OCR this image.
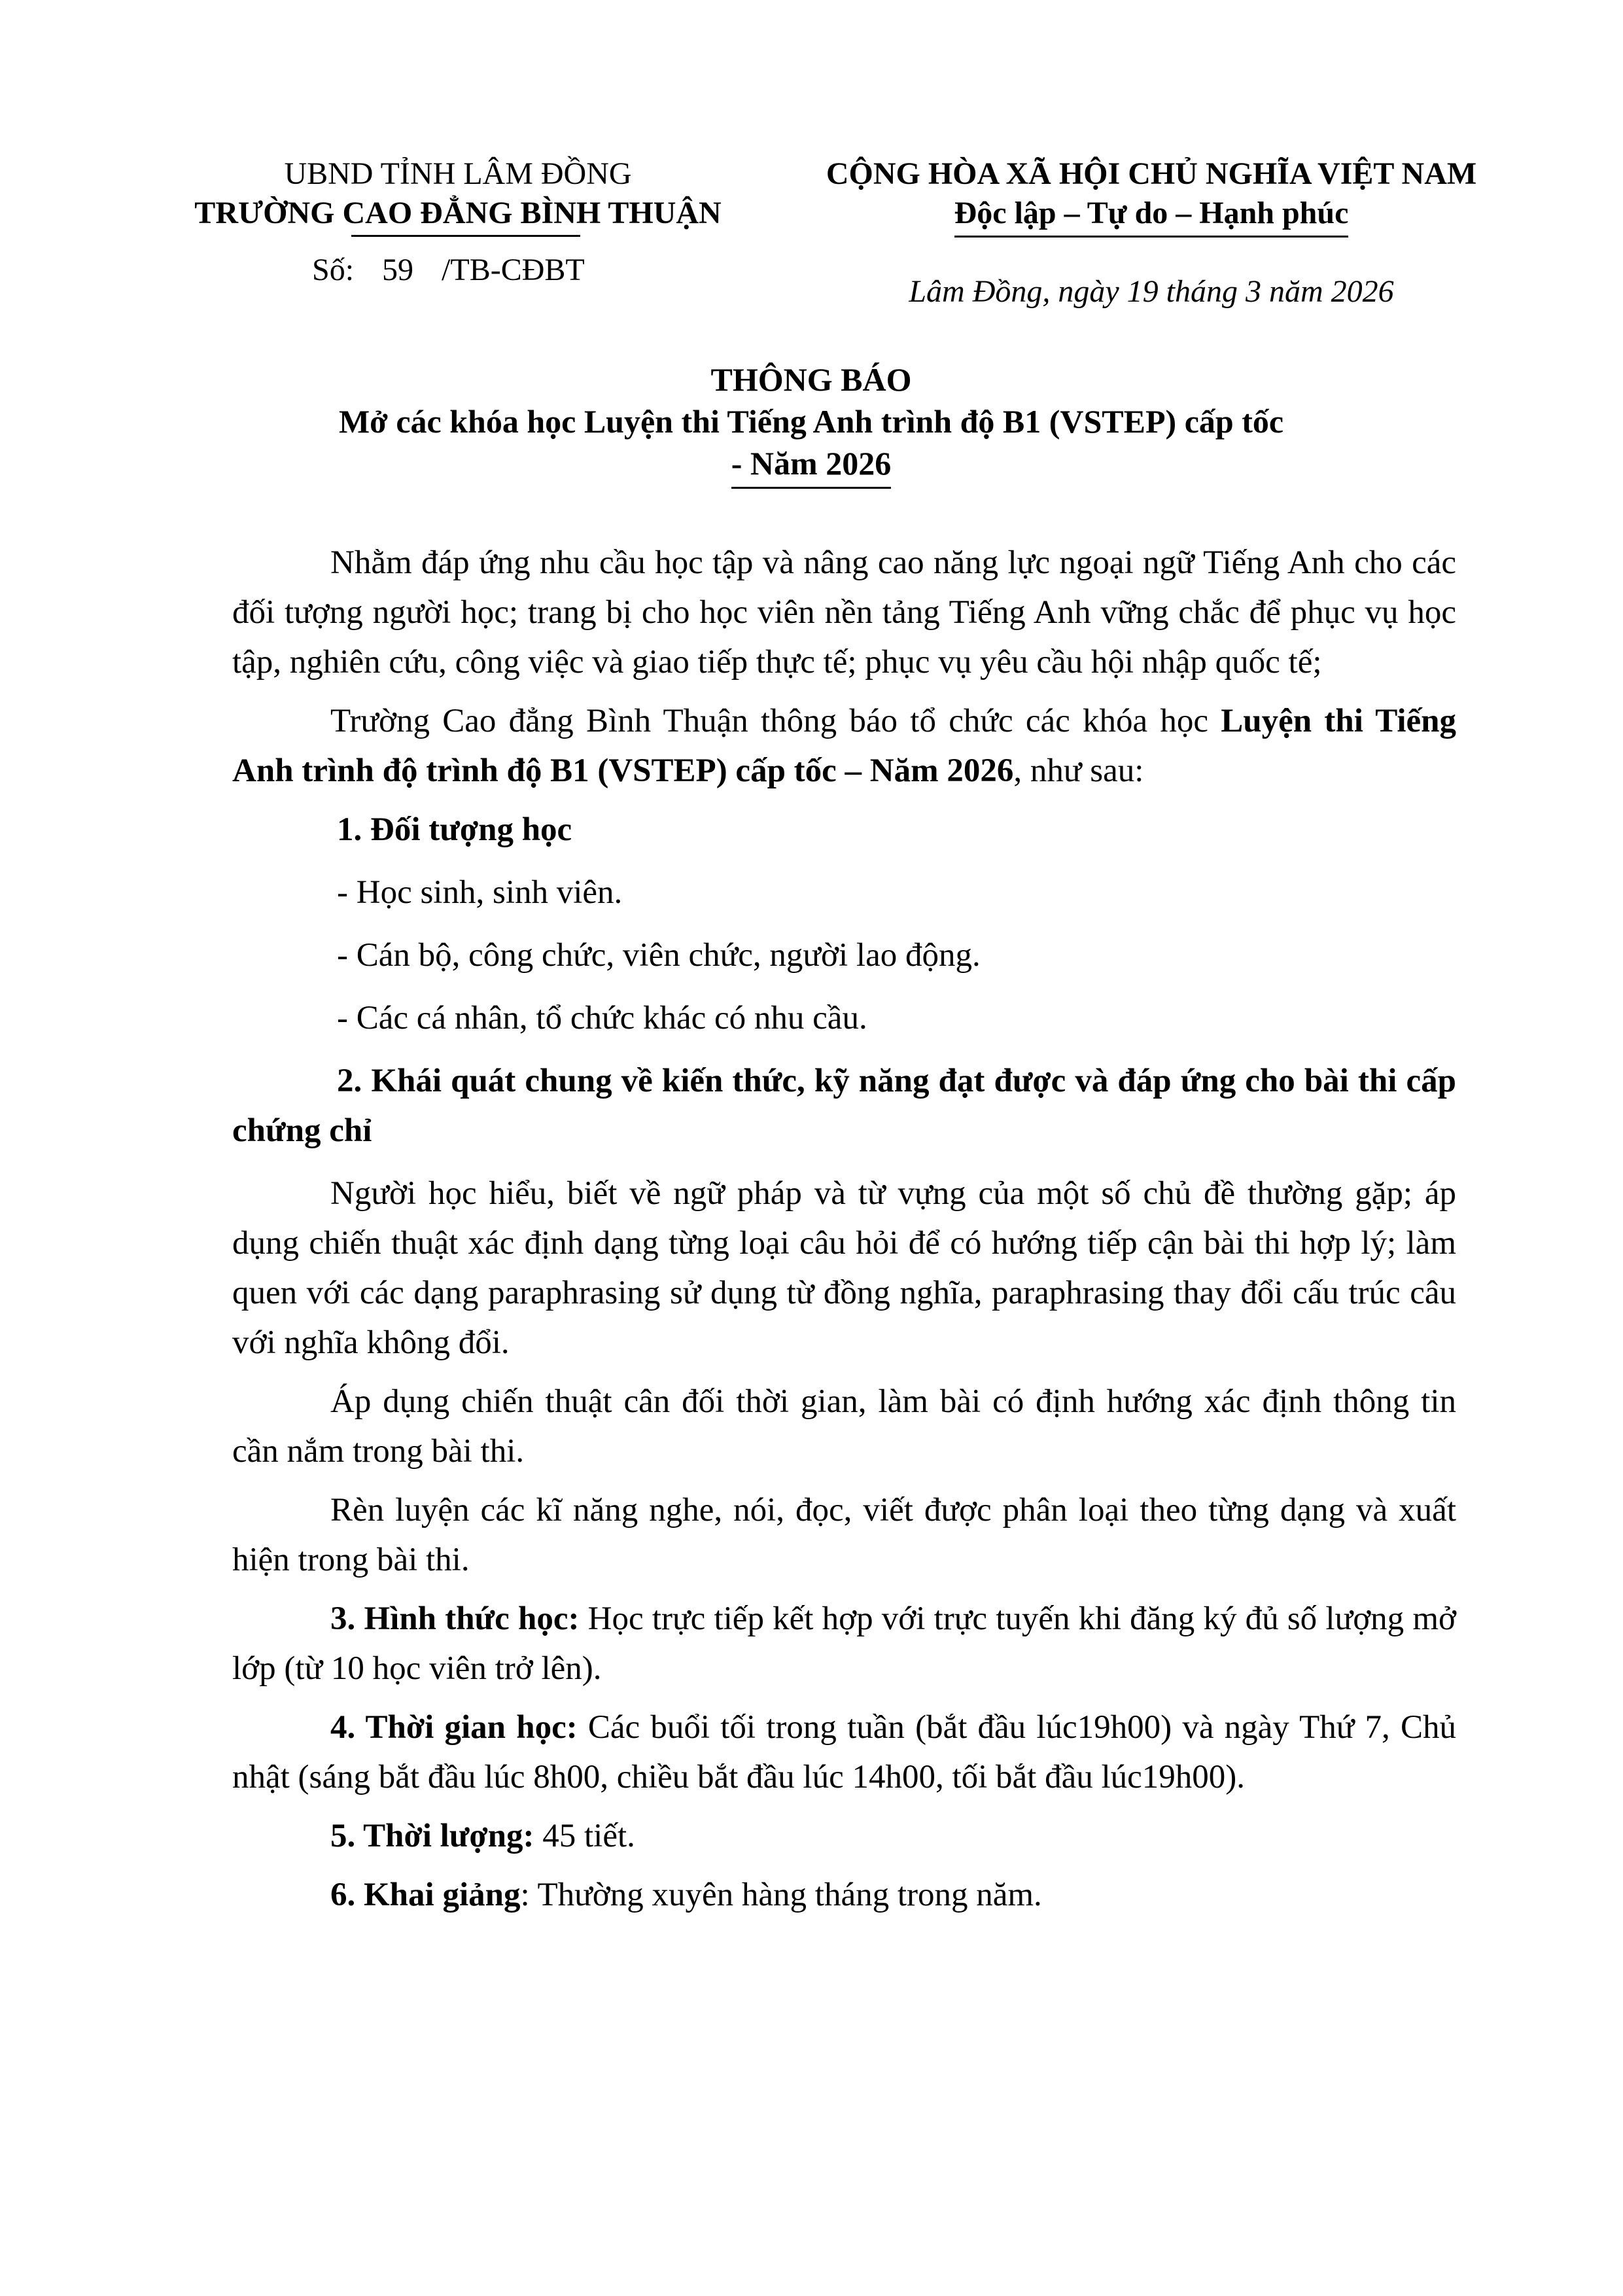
UBND TỈNH LÂM ĐỒNG
TRƯỜNG CAO ĐẲNG BÌNH THUẬN
Số: 59 /TB-CĐBT
CỘNG HÒA XÃ HỘI CHỦ NGHĨA VIỆT NAM
Độc lập – Tự do – Hạnh phúc
Lâm Đồng, ngày 19 tháng 3 năm 2026
THÔNG BÁO
Mở các khóa học Luyện thi Tiếng Anh trình độ B1 (VSTEP) cấp tốc
- Năm 2026

Nhằm đáp ứng nhu cầu học tập và nâng cao năng lực ngoại ngữ Tiếng Anh cho các đối tượng người học; trang bị cho học viên nền tảng Tiếng Anh vững chắc để phục vụ học tập, nghiên cứu, công việc và giao tiếp thực tế; phục vụ yêu cầu hội nhập quốc tế;

Trường Cao đẳng Bình Thuận thông báo tổ chức các khóa học Luyện thi Tiếng Anh trình độ trình độ B1 (VSTEP) cấp tốc – Năm 2026, như sau:

1. Đối tượng học

- Học sinh, sinh viên.

- Cán bộ, công chức, viên chức, người lao động.

- Các cá nhân, tổ chức khác có nhu cầu.

2. Khái quát chung về kiến thức, kỹ năng đạt được và đáp ứng cho bài thi cấp chứng chỉ

Người học hiểu, biết về ngữ pháp và từ vựng của một số chủ đề thường gặp; áp dụng chiến thuật xác định dạng từng loại câu hỏi để có hướng tiếp cận bài thi hợp lý; làm quen với các dạng paraphrasing sử dụng từ đồng nghĩa, paraphrasing thay đổi cấu trúc câu với nghĩa không đổi.

Áp dụng chiến thuật cân đối thời gian, làm bài có định hướng xác định thông tin cần nắm trong bài thi.

Rèn luyện các kĩ năng nghe, nói, đọc, viết được phân loại theo từng dạng và xuất hiện trong bài thi.

3. Hình thức học: Học trực tiếp kết hợp với trực tuyến khi đăng ký đủ số lượng mở lớp (từ 10 học viên trở lên).

4. Thời gian học: Các buổi tối trong tuần (bắt đầu lúc19h00) và ngày Thứ 7, Chủ nhật (sáng bắt đầu lúc 8h00, chiều bắt đầu lúc 14h00, tối bắt đầu lúc19h00).

5. Thời lượng: 45 tiết.

6. Khai giảng: Thường xuyên hàng tháng trong năm.
